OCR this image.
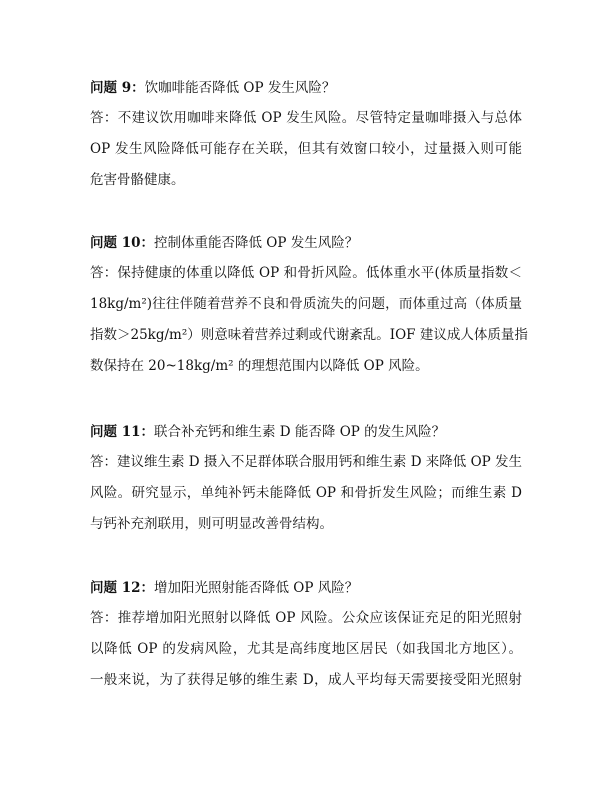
问题 9：饮咖啡能否降低 OP 发生风险？
答：不建议饮用咖啡来降低 OP 发生风险。尽管特定量咖啡摄入与总体
OP 发生风险降低可能存在关联，但其有效窗口较小，过量摄入则可能
危害骨骼健康。
问题 10：控制体重能否降低 OP 发生风险？
答：保持健康的体重以降低 OP 和骨折风险。低体重水平(体质量指数＜
18kg/m²)往往伴随着营养不良和骨质流失的问题，而体重过高（体质量
指数＞25kg/m²）则意味着营养过剩或代谢紊乱。IOF 建议成人体质量指
数保持在 20~18kg/m² 的理想范围内以降低 OP 风险。
问题 11：联合补充钙和维生素 D 能否降 OP 的发生风险？
答：建议维生素 D 摄入不足群体联合服用钙和维生素 D 来降低 OP 发生
风险。研究显示，单纯补钙未能降低 OP 和骨折发生风险；而维生素 D
与钙补充剂联用，则可明显改善骨结构。
问题 12：增加阳光照射能否降低 OP 风险？
答：推荐增加阳光照射以降低 OP 风险。公众应该保证充足的阳光照射
以降低 OP 的发病风险，尤其是高纬度地区居民（如我国北方地区）。
一般来说，为了获得足够的维生素 D，成人平均每天需要接受阳光照射
